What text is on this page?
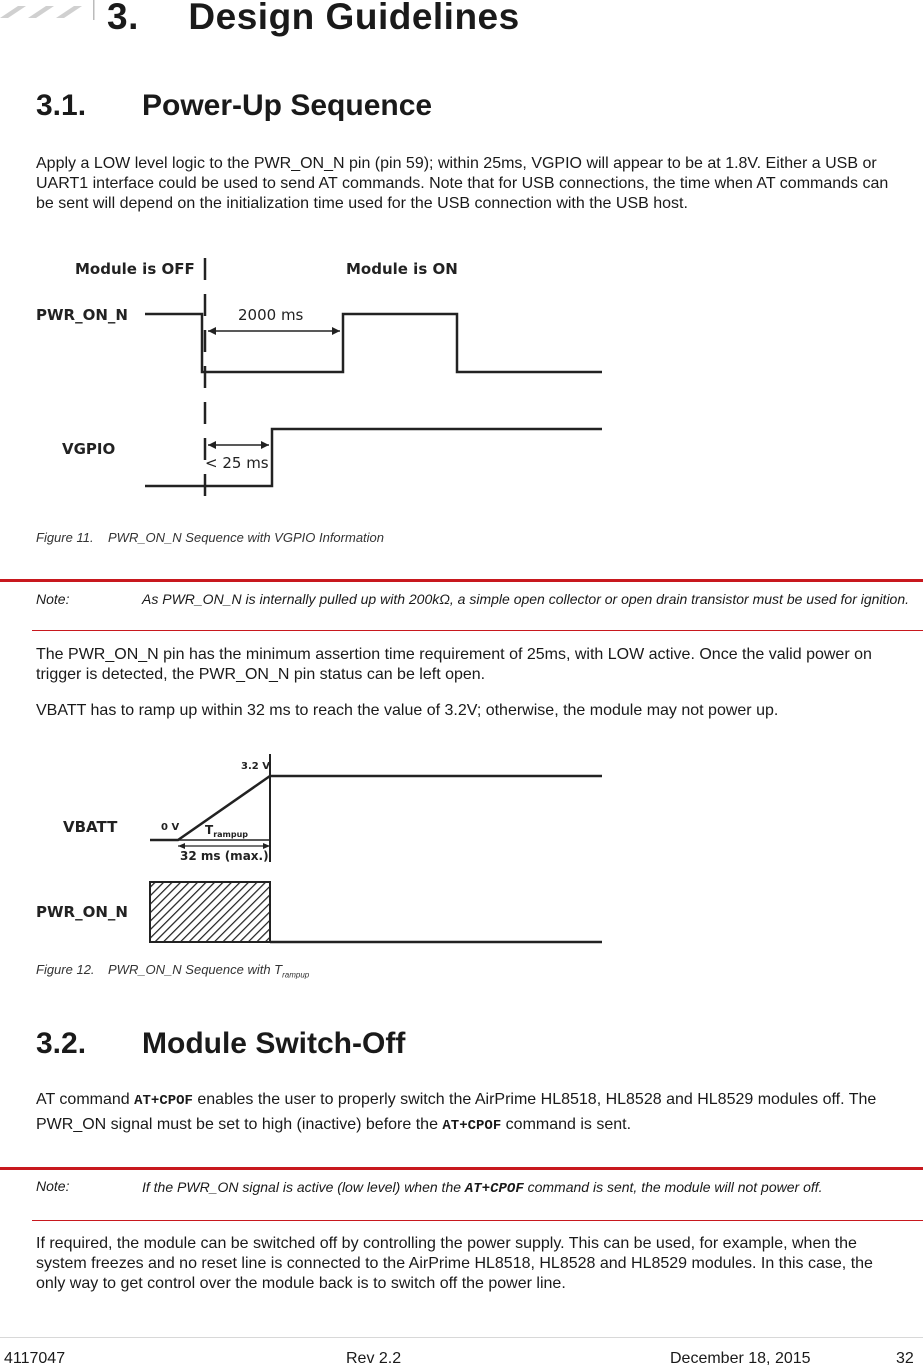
3. Design Guidelines
3.1. Power-Up Sequence
Apply a LOW level logic to the PWR_ON_N pin (pin 59); within 25ms, VGPIO will appear to be at 1.8V. Either a USB or UART1 interface could be used to send AT commands. Note that for USB connections, the time when AT commands can be sent will depend on the initialization time used for the USB connection with the USB host.
Module is OFF	Module is ON
PWR_ON_N
VGPIO
2000 ms
< 25 ms
Figure 11. PWR_ON_N Sequence with VGPIO Information
Note:	As PWR_ON_N is internally pulled up with 200kΩ, a simple open collector or open drain transistor must be used for ignition.
The PWR_ON_N pin has the minimum assertion time requirement of 25ms, with LOW active. Once the valid power on trigger is detected, the PWR_ON_N pin status can be left open.
VBATT has to ramp up within 32 ms to reach the value of 3.2V; otherwise, the module may not power up.
3.2 V
0 V
VBATT
PWR_ON_N
$T_{rampup}$
32 ms (max.)
Figure 12. PWR_ON_N Sequence with $T_{rampup}$
3.2. Module Switch-Off
AT command AT+CPOF enables the user to properly switch the AirPrime HL8518, HL8528 and HL8529 modules off. The PWR_ON signal must be set to high (inactive) before the AT+CPOF command is sent.
Note:	If the PWR_ON signal is active (low level) when the AT+CPOF command is sent, the module will not power off.
If required, the module can be switched off by controlling the power supply. This can be used, for example, when the system freezes and no reset line is connected to the AirPrime HL8518, HL8528 and HL8529 modules. In this case, the only way to get control over the module back is to switch off the power line.
4117047	Rev 2.2	December 18, 2015	32
